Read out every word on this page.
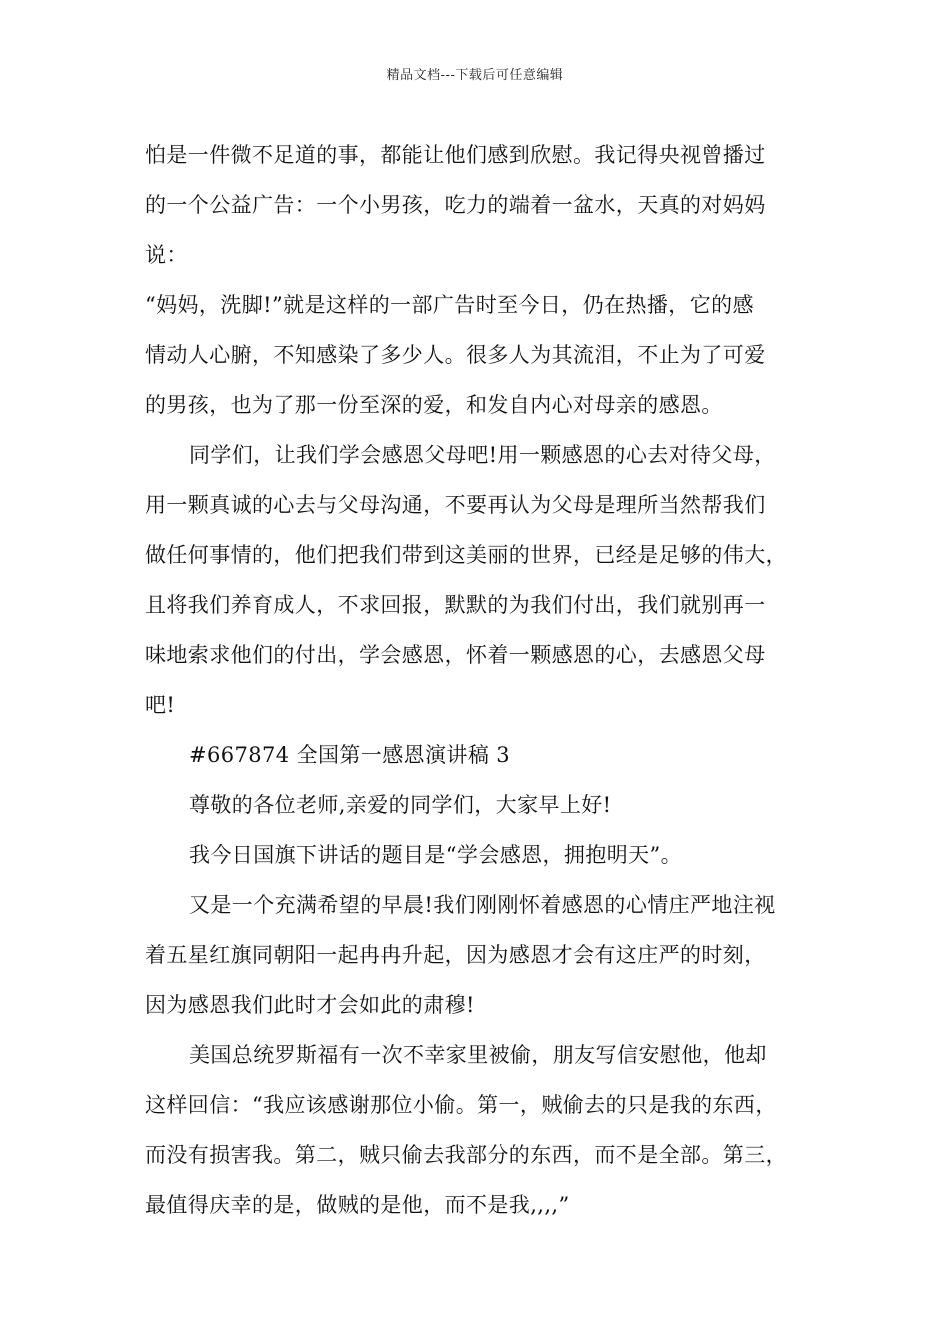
精品文档---下载后可任意编辑
怕是一件微不足道的事，都能让他们感到欣慰。我记得央视曾播过
的一个公益广告：一个小男孩，吃力的端着一盆水，天真的对妈妈
说：
“妈妈，洗脚!”就是这样的一部广告时至今日，仍在热播，它的感
情动人心腑，不知感染了多少人。很多人为其流泪，不止为了可爱
的男孩，也为了那一份至深的爱，和发自内心对母亲的感恩。
同学们，让我们学会感恩父母吧!用一颗感恩的心去对待父母，
用一颗真诚的心去与父母沟通，不要再认为父母是理所当然帮我们
做任何事情的，他们把我们带到这美丽的世界，已经是足够的伟大，
且将我们养育成人，不求回报，默默的为我们付出，我们就别再一
味地索求他们的付出，学会感恩，怀着一颗感恩的心，去感恩父母
吧!
#667874 全国第一感恩演讲稿 3
尊敬的各位老师,亲爱的同学们，大家早上好!
我今日国旗下讲话的题目是“学会感恩，拥抱明天”。
又是一个充满希望的早晨!我们刚刚怀着感恩的心情庄严地注视
着五星红旗同朝阳一起冉冉升起，因为感恩才会有这庄严的时刻，
因为感恩我们此时才会如此的肃穆!
美国总统罗斯福有一次不幸家里被偷，朋友写信安慰他，他却
这样回信：“我应该感谢那位小偷。第一，贼偷去的只是我的东西，
而没有损害我。第二，贼只偷去我部分的东西，而不是全部。第三，
最值得庆幸的是，做贼的是他，而不是我,,,,”
